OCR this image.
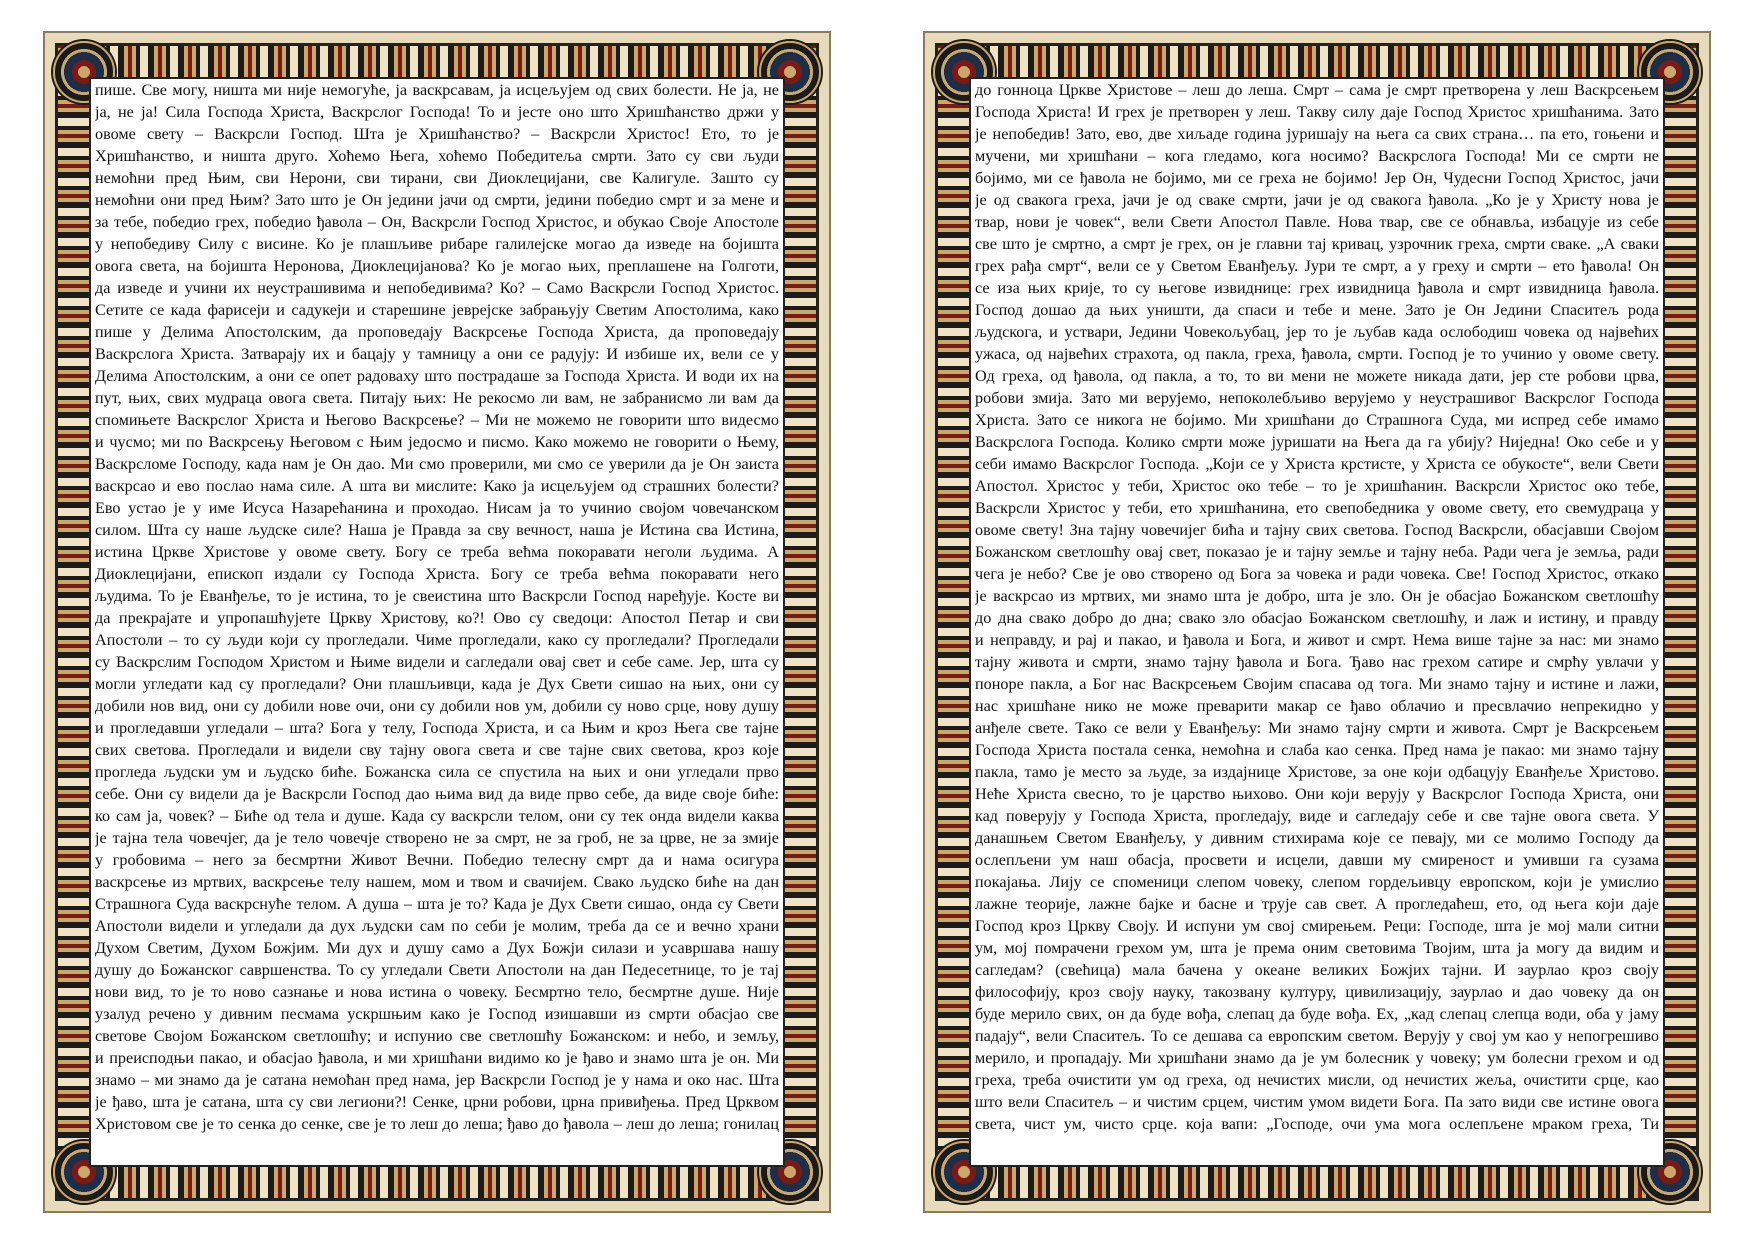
пише. Све могу, ништа ми није немогуће, ја васкрсавам, ја исцељујем од свих болести. Не ја, не
ја, не ја! Сила Господа Христа, Васкрслог Господа! То и јесте оно што Хришћанство држи у
овоме свету – Васкрсли Господ. Шта је Хришћанство? – Васкрсли Христос! Ето, то је
Хришћанство, и ништа друго. Хоћемо Њега, хоћемо Победитеља смрти. Зато су сви људи
немоћни пред Њим, сви Нерони, сви тирани, сви Диоклецијани, све Калигуле. Зашто су
немоћни они пред Њим? Зато што је Он једини јачи од смрти, једини победио смрт и за мене и
за тебе, победио грех, победио ђавола – Он, Васкрсли Господ Христос, и обукао Своје Апостоле
у непобедиву Силу с висине. Ко је плашљиве рибаре галилејске могао да изведе на бојишта
овога света, на бојишта Неронова, Диоклецијанова? Ко је могао њих, преплашене на Голготи,
да изведе и учини их неустрашивима и непобедивима? Ко? – Само Васкрсли Господ Христос.
Сетите се када фарисеји и садукеји и старешине јеврејске забрањују Светим Апостолима, како
пише у Делима Апостолским, да проповедају Васкрсење Господа Христа, да проповедају
Васкрслога Христа. Затварају их и бацају у тамницу а они се радују: И избише их, вели се у
Делима Апостолским, а они се опет радоваху што пострадаше за Господа Христа. И води их на
пут, њих, свих мудраца овога света. Питају њих: Не рекосмо ли вам, не забранисмо ли вам да
спомињете Васкрслог Христа и Његово Васкрсење? – Ми не можемо не говорити што видесмо
и чусмо; ми по Васкрсењу Његовом с Њим једосмо и писмо. Како можемо не говорити о Њему,
Васкрсломе Господу, када нам је Он дао. Ми смо проверили, ми смо се уверили да је Он заиста
васкрсао и ево послао нама силе. А шта ви мислите: Како ја исцељујем од страшних болести?
Ево устао је у име Исуса Назарећанина и проходао. Нисам ја то учинио својом човечанском
силом. Шта су наше људске силе? Наша је Правда за сву вечност, наша је Истина сва Истина,
истина Цркве Христове у овоме свету. Богу се треба већма покоравати неголи људима. А
Диоклецијани, епископ издали су Господа Христа. Богу се треба већма покоравати него
људима. То је Еванђеље, то је истина, то је свеистина што Васкрсли Господ наређује. Косте ви
да прекрајате и упропашћујете Цркву Христову, ко?! Ово су сведоци: Апостол Петар и сви
Апостоли – то су људи који су прогледали. Чиме прогледали, како су прогледали? Прогледали
су Васкрслим Господом Христом и Њиме видели и сагледали овај свет и себе саме. Јер, шта су
могли угледати кад су прогледали? Они плашљивци, када је Дух Свети сишао на њих, они су
добили нов вид, они су добили нове очи, они су добили нов ум, добили су ново срце, нову душу
и прогледавши угледали – шта? Бога у телу, Господа Христа, и са Њим и кроз Њега све тајне
свих светова. Прогледали и видели сву тајну овога света и све тајне свих светова, кроз које
прогледа људски ум и људско биће. Божанска сила се спустила на њих и они угледали прво
себе. Они су видели да је Васкрсли Господ дао њима вид да виде прво себе, да виде своје биће:
ко сам ја, човек? – Биће од тела и душе. Када су васкрсли телом, они су тек онда видели каква
је тајна тела човечјег, да је тело човечје створено не за смрт, не за гроб, не за црве, не за змије
у гробовима – него за бесмртни Живот Вечни. Победио телесну смрт да и нама осигура
васкрсење из мртвих, васкрсење телу нашем, мом и твом и свачијем. Свако људско биће на дан
Страшнога Суда васкрснуће телом. А душа – шта је то? Када је Дух Свети сишао, онда су Свети
Апостоли видели и угледали да дух људски сам по себи је молим, треба да се и вечно храни
Духом Светим, Духом Божјим. Ми дух и душу само а Дух Божји силази и усавршава нашу
душу до Божанског савршенства. То су угледали Свети Апостоли на дан Педесетнице, то је тај
нови вид, то је то ново сазнање и нова истина о човеку. Бесмртно тело, бесмртне душе. Није
узалуд речено у дивним песмама ускршњим како је Господ изишавши из смрти обасјао све
светове Својом Божанском светлошћу; и испунио све светлошћу Божанском: и небо, и земљу,
и преисподњи пакао, и обасјао ђавола, и ми хришћани видимо ко је ђаво и знамо шта је он. Ми
знамо – ми знамо да је сатана немоћан пред нама, јер Васкрсли Господ је у нама и око нас. Шта
је ђаво, шта је сатана, шта су сви легиони?! Сенке, црни робови, црна привиђења. Пред Црквом
Христовом све је то сенка до сенке, све је то леш до леша; ђаво до ђавола – леш до леша; гонилац
до гонноца Цркве Христове – леш до леша. Смрт – сама је смрт претворена у леш Васкрсењем
Господа Христа! И грех је претворен у леш. Такву силу даје Господ Христос хришћанима. Зато
је непобедив! Зато, ево, две хиљаде година јуришају на њега са свих страна… па ето, гоњени и
мучени, ми хришћани – кога гледамо, кога носимо? Васкрслога Господа! Ми се смрти не
бојимо, ми се ђавола не бојимо, ми се греха не бојимо! Јер Он, Чудесни Господ Христос, јачи
је од свакога греха, јачи је од сваке смрти, јачи је од свакога ђавола. „Ко је у Христу нова је
твар, нови је човек“, вели Свети Апостол Павле. Нова твар, све се обнавља, избацује из себе
све што је смртно, а смрт је грех, он је главни тај кривац, узрочник греха, смрти сваке. „А сваки
грех рађа смрт“, вели се у Светом Еванђељу. Јури те смрт, а у греху и смрти – ето ђавола! Он
се иза њих крије, то су његове извиднице: грех извидница ђавола и смрт извидница ђавола.
Господ дошао да њих уништи, да спаси и тебе и мене. Зато је Он Једини Спаситељ рода
људскога, и уствари, Једини Човекољубац, јер то је љубав када ослободиш човека од највећих
ужаса, од највећих страхота, од пакла, греха, ђавола, смрти. Господ је то учинио у овоме свету.
Од греха, од ђавола, од пакла, а то, то ви мени не можете никада дати, јер сте робови црва,
робови змија. Зато ми верујемо, непоколебљиво верујемо у неустрашивог Васкрслог Господа
Христа. Зато се никога не бојимо. Ми хришћани до Страшнога Суда, ми испред себе имамо
Васкрслога Господа. Колико смрти може јуришати на Њега да га убију? Ниједна! Око себе и у
себи имамо Васкрслог Господа. „Који се у Христа крстисте, у Христа се обукосте“, вели Свети
Апостол. Христос у теби, Христос око тебе – то је хришћанин. Васкрсли Христос око тебе,
Васкрсли Христос у теби, ето хришћанина, ето свепобедника у овоме свету, ето свемудраца у
овоме свету! Зна тајну човечијег бића и тајну свих светова. Господ Васкрсли, обасјавши Својом
Божанском светлошћу овај свет, показао је и тајну земље и тајну неба. Ради чега је земља, ради
чега је небо? Све је ово створено од Бога за човека и ради човека. Све! Господ Христос, откако
је васкрсао из мртвих, ми знамо шта је добро, шта је зло. Он је обасјао Божанском светлошћу
до дна свако добро до дна; свако зло обасјао Божанском светлошћу, и лаж и истину, и правду
и неправду, и рај и пакао, и ђавола и Бога, и живот и смрт. Нема више тајне за нас: ми знамо
тајну живота и смрти, знамо тајну ђавола и Бога. Ђаво нас грехом сатире и смрћу увлачи у
поноре пакла, а Бог нас Васкрсењем Својим спасава од тога. Ми знамо тајну и истине и лажи,
нас хришћане нико не може преварити макар се ђаво облачио и пресвлачио непрекидно у
анђеле свете. Тако се вели у Еванђељу: Ми знамо тајну смрти и живота. Смрт је Васкрсењем
Господа Христа постала сенка, немоћна и слаба као сенка. Пред нама је пакао: ми знамо тајну
пакла, тамо је место за људе, за издајнице Христове, за оне који одбацују Еванђеље Христово.
Неће Христа свесно, то је царство њихово. Они који верују у Васкрслог Господа Христа, они
кад поверују у Господа Христа, прогледају, виде и сагледају себе и све тајне овога света. У
данашњем Светом Еванђељу, у дивним стихирама које се певају, ми се молимо Господу да
ослепљени ум наш обасја, просвети и исцели, давши му смиреност и умивши га сузама
покајања. Лију се споменици слепом човеку, слепом гордељивцу европском, који је умислио
лажне теорије, лажне бајке и басне и трује сав свет. А прогледаћеш, ето, од њега који даје
Господ кроз Цркву Своју. И испуни ум свој смирењем. Реци: Господе, шта је мој мали ситни
ум, мој помрачени грехом ум, шта је према оним световима Твојим, шта ја могу да видим и
сагледам? (свећица) мала бачена у океане великих Божјих тајни. И заурлао кроз своју
философију, кроз своју науку, такозвану културу, цивилизацију, заурлао и дао човеку да он
буде мерило свих, он да буде вођа, слепац да буде вођа. Ех, „кад слепац слепца води, оба у јаму
падају“, вели Спаситељ. То се дешава са европским светом. Верују у свој ум као у непогрешиво
мерило, и пропадају. Ми хришћани знамо да је ум болесник у човеку; ум болесни грехом и од
греха, треба очистити ум од греха, од нечистих мисли, од нечистих жеља, очистити срце, као
што вели Спаситељ – и чистим срцем, чистим умом видети Бога. Па зато види све истине овога
света, чист ум, чисто срце. која вапи: „Господе, очи ума мога ослепљене мраком греха, Ти
